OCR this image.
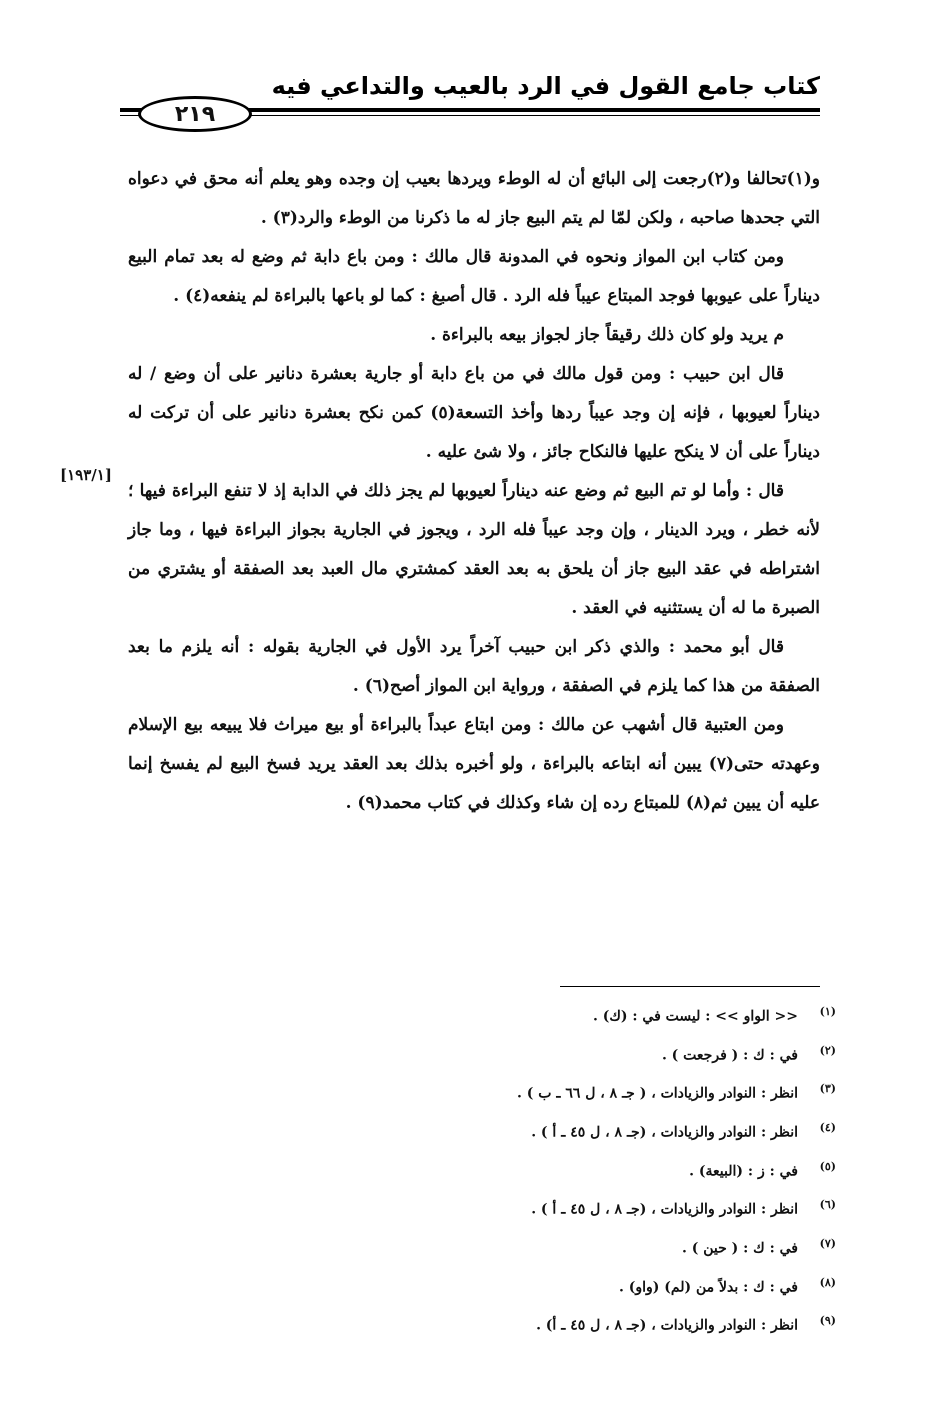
كتاب جامع القول في الرد بالعيب والتداعي فيه
٢١٩
[١٩٣/١]

و(١)تحالفا و(٢)رجعت إلى البائع أن له الوطء ويردها بعيب إن وجده وهو يعلم أنه محق في دعواه التي جحدها صاحبه ، ولكن لمّا لم يتم البيع جاز له ما ذكرنا من الوطء والرد(٣) .

ومن كتاب ابن المواز ونحوه في المدونة قال مالك : ومن باع دابة ثم وضع له بعد تمام البيع ديناراً على عيوبها فوجد المبتاع عيباً فله الرد . قال أصبغ : كما لو باعها بالبراءة لم ينفعه(٤) .

م يريد ولو كان ذلك رقيقاً جاز لجواز بيعه بالبراءة .

قال ابن حبيب : ومن قول مالك في من باع دابة أو جارية بعشرة دنانير على أن وضع / له ديناراً لعيوبها ، فإنه إن وجد عيباً ردها وأخذ التسعة(٥) كمن نكح بعشرة دنانير على أن تركت له ديناراً على أن لا ينكح عليها فالنكاح جائز ، ولا شئ عليه .

قال : وأما لو تم البيع ثم وضع عنه ديناراً لعيوبها لم يجز ذلك في الدابة إذ لا تنفع البراءة فيها ؛ لأنه خطر ، ويرد الدينار ، وإن وجد عيباً فله الرد ، ويجوز في الجارية بجواز البراءة فيها ، وما جاز اشتراطه في عقد البيع جاز أن يلحق به بعد العقد كمشتري مال العبد بعد الصفقة أو يشتري من الصبرة ما له أن يستثنيه في العقد .

قال أبو محمد : والذي ذكر ابن حبيب آخراً يرد الأول في الجارية بقوله : أنه يلزم ما بعد الصفقة من هذا كما يلزم في الصفقة ، ورواية ابن المواز أصح(٦) .

ومن العتبية قال أشهب عن مالك : ومن ابتاع عبداً بالبراءة أو بيع ميراث فلا يبيعه بيع الإسلام وعهدته حتى(٧) يبين أنه ابتاعه بالبراءة ، ولو أخبره بذلك بعد العقد يريد فسخ البيع لم يفسخ إنما عليه أن يبين ثم(٨) للمبتاع رده إن شاء وكذلك في كتاب محمد(٩) .

(١)<< الواو >> : ليست في : (ك) .
(٢)في : ك : ( فرجعت ) .
(٣)انظر : النوادر والزيادات ، ( جـ ٨ ، ل ٦٦ ـ ب ) .
(٤)انظر : النوادر والزيادات ، (جـ ٨ ، ل ٤٥ ـ أ ) .
(٥)في : ز : (البيعة) .
(٦)انظر : النوادر والزيادات ، (جـ ٨ ، ل ٤٥ ـ أ ) .
(٧)في : ك : ( حين ) .
(٨)في : ك : بدلاً من (لم) (واو) .
(٩)انظر : النوادر والزيادات ، (جـ ٨ ، ل ٤٥ ـ أ) .
